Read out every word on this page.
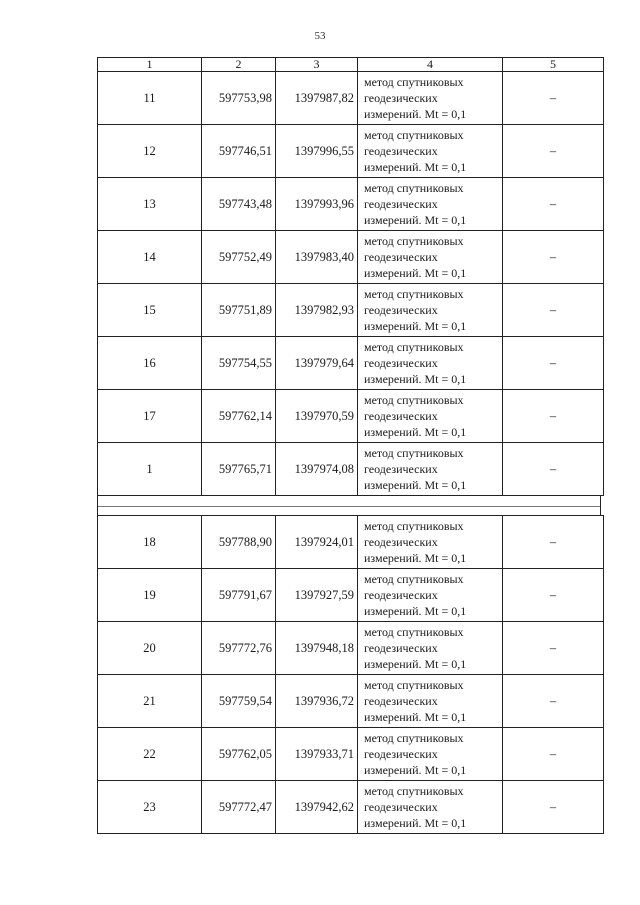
53
1	2	3	4	5
11	597753,98	1397987,82	метод спутниковых
геодезических
измерений. Mt = 0,1	–
12	597746,51	1397996,55	метод спутниковых
геодезических
измерений. Mt = 0,1	–
13	597743,48	1397993,96	метод спутниковых
геодезических
измерений. Mt = 0,1	–
14	597752,49	1397983,40	метод спутниковых
геодезических
измерений. Mt = 0,1	–
15	597751,89	1397982,93	метод спутниковых
геодезических
измерений. Mt = 0,1	–
16	597754,55	1397979,64	метод спутниковых
геодезических
измерений. Mt = 0,1	–
17	597762,14	1397970,59	метод спутниковых
геодезических
измерений. Mt = 0,1	–
1	597765,71	1397974,08	метод спутниковых
геодезических
измерений. Mt = 0,1	–
18	597788,90	1397924,01	метод спутниковых
геодезических
измерений. Mt = 0,1	–
19	597791,67	1397927,59	метод спутниковых
геодезических
измерений. Mt = 0,1	–
20	597772,76	1397948,18	метод спутниковых
геодезических
измерений. Mt = 0,1	–
21	597759,54	1397936,72	метод спутниковых
геодезических
измерений. Mt = 0,1	–
22	597762,05	1397933,71	метод спутниковых
геодезических
измерений. Mt = 0,1	–
23	597772,47	1397942,62	метод спутниковых
геодезических
измерений. Mt = 0,1	–
